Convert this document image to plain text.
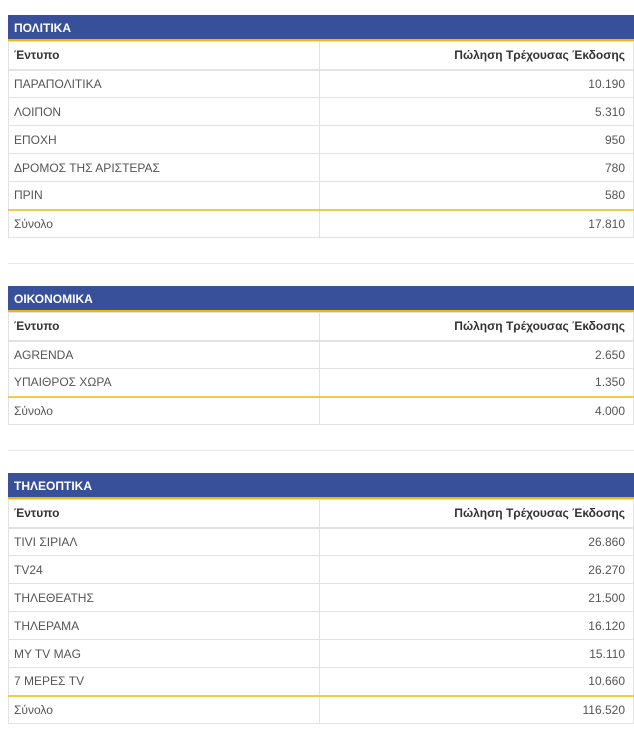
ΠΟΛΙΤΙΚΑ
Έντυπο	Πώληση Τρέχουσας Έκδοσης
ΠΑΡΑΠΟΛΙΤΙΚΑ	10.190
ΛΟΙΠΟΝ	5.310
ΕΠΟΧΗ	950
ΔΡΟΜΟΣ ΤΗΣ ΑΡΙΣΤΕΡΑΣ	780
ΠΡΙΝ	580
Σύνολο	17.810
ΟΙΚΟΝΟΜΙΚΑ
Έντυπο	Πώληση Τρέχουσας Έκδοσης
AGRENDA	2.650
ΥΠΑΙΘΡΟΣ ΧΩΡΑ	1.350
Σύνολο	4.000
ΤΗΛΕΟΠΤΙΚΑ
Έντυπο	Πώληση Τρέχουσας Έκδοσης
ΤΙVΙ ΣΙΡΙΑΛ	26.860
TV24	26.270
ΤΗΛΕΘΕΑΤΗΣ	21.500
ΤΗΛΕΡΑΜΑ	16.120
MY TV MAG	15.110
7 ΜΕΡΕΣ TV	10.660
Σύνολο	116.520
